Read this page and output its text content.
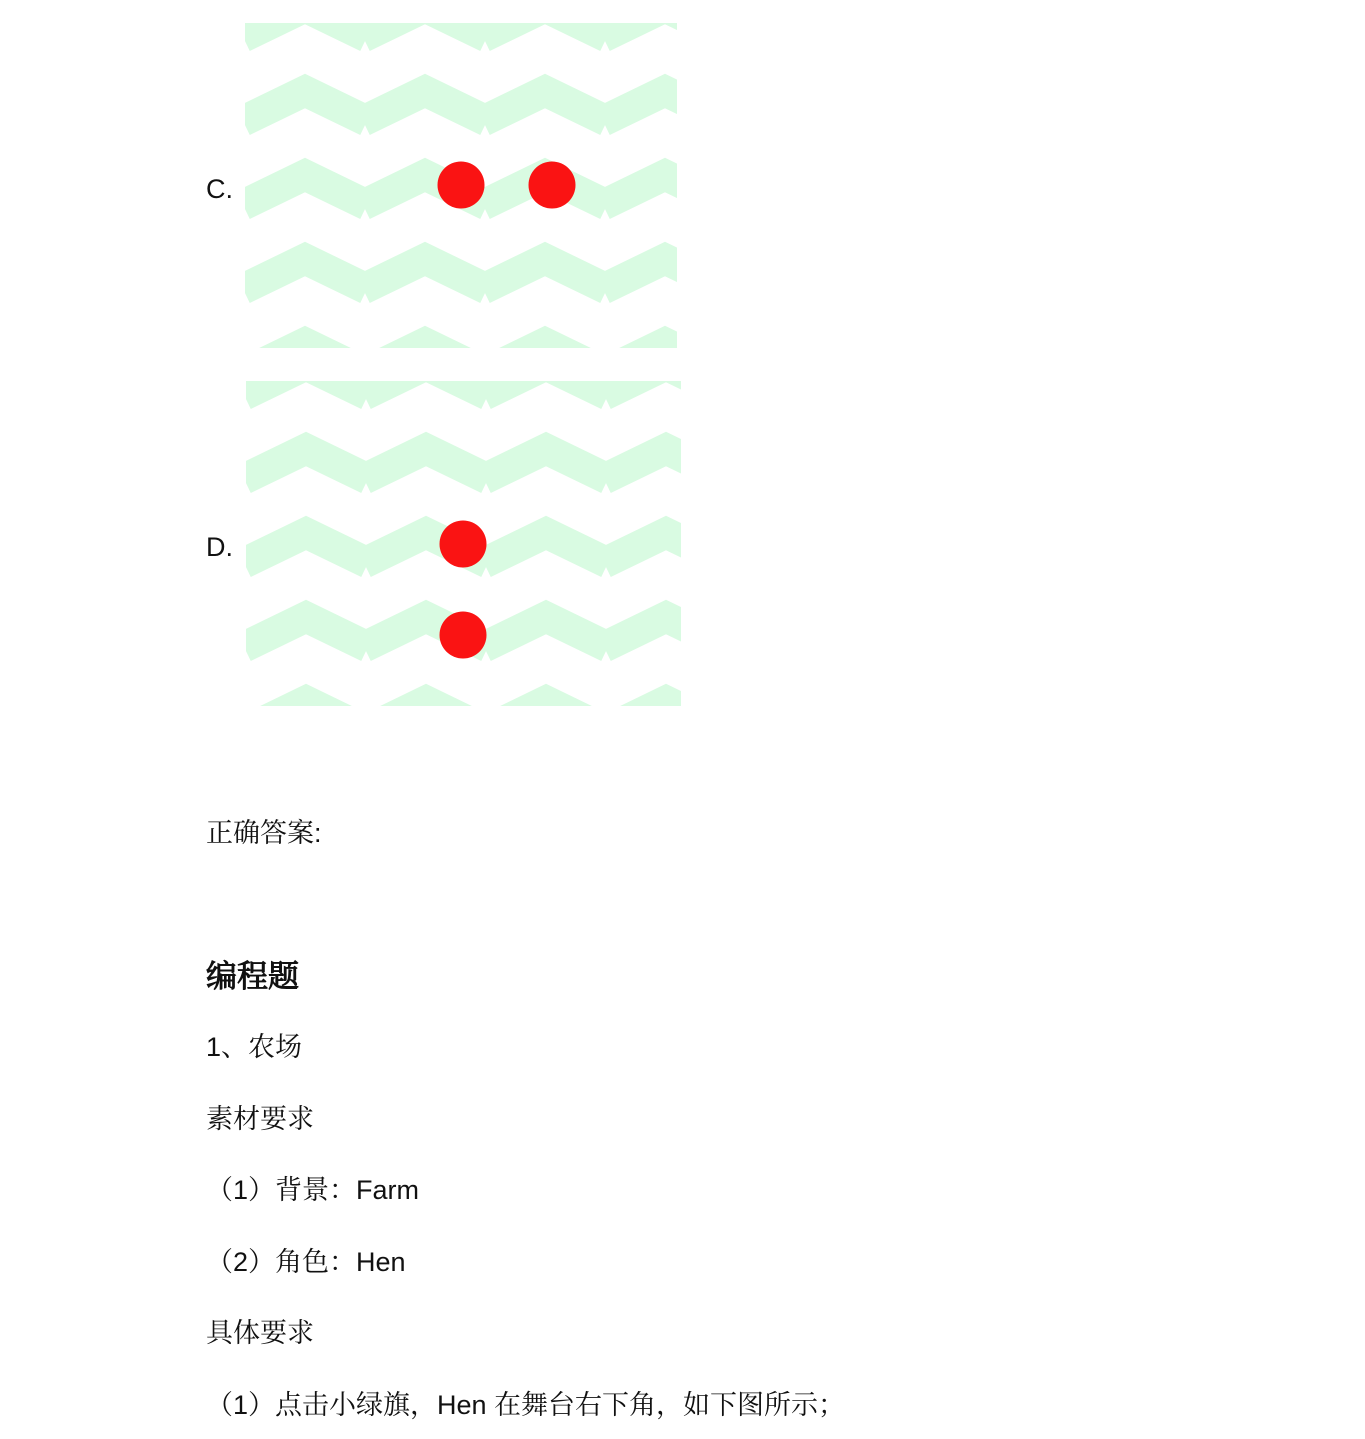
C.
D.
正确答案:
编程题
1、农场
素材要求
（1）背景：Farm
（2）角色：Hen
具体要求
（1）点击小绿旗，Hen 在舞台右下角，如下图所示；
